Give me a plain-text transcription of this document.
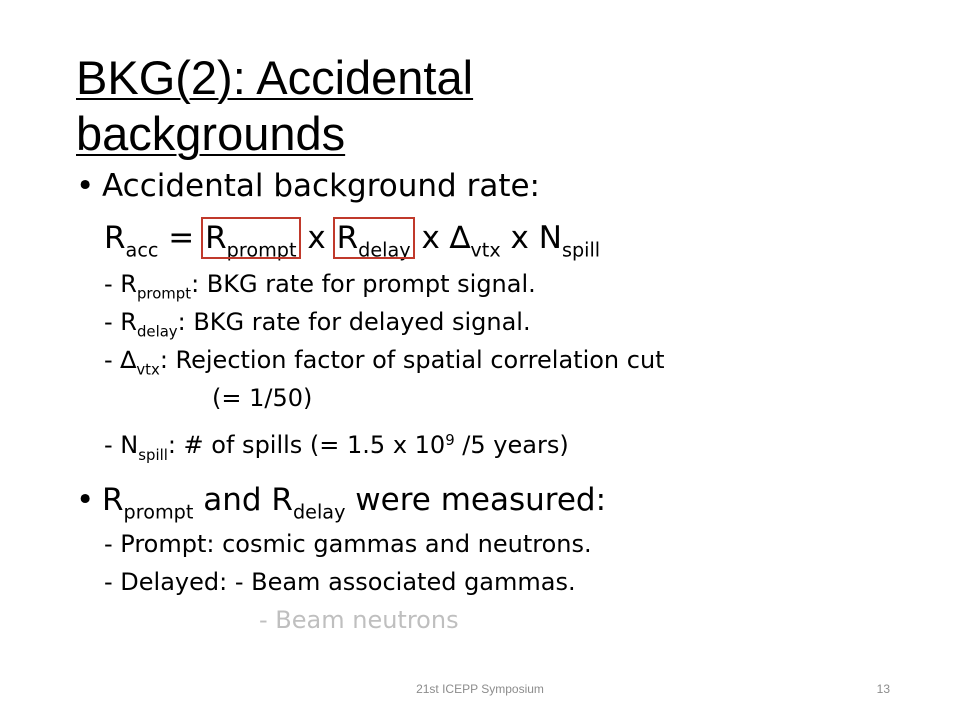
BKG(2): Accidental
backgrounds
• Accidental background rate:
$R_{acc} = R_{prompt}$ x $R_{delay}$ x $\Delta_{vtx}$ x $N_{spill}$
- $R_{prompt}$: BKG rate for prompt signal.
- $R_{delay}$: BKG rate for delayed signal.
- $\Delta_{vtx}$: Rejection factor of spatial correlation cut
(= 1/50)
- $N_{spill}$: # of spills (= 1.5 x $10^9$ /5 years)
• $R_{prompt}$ and $R_{delay}$ were measured:
- Prompt: cosmic gammas and neutrons.
- Delayed: - Beam associated gammas.
- Beam neutrons
21st ICEPP Symposium	13
